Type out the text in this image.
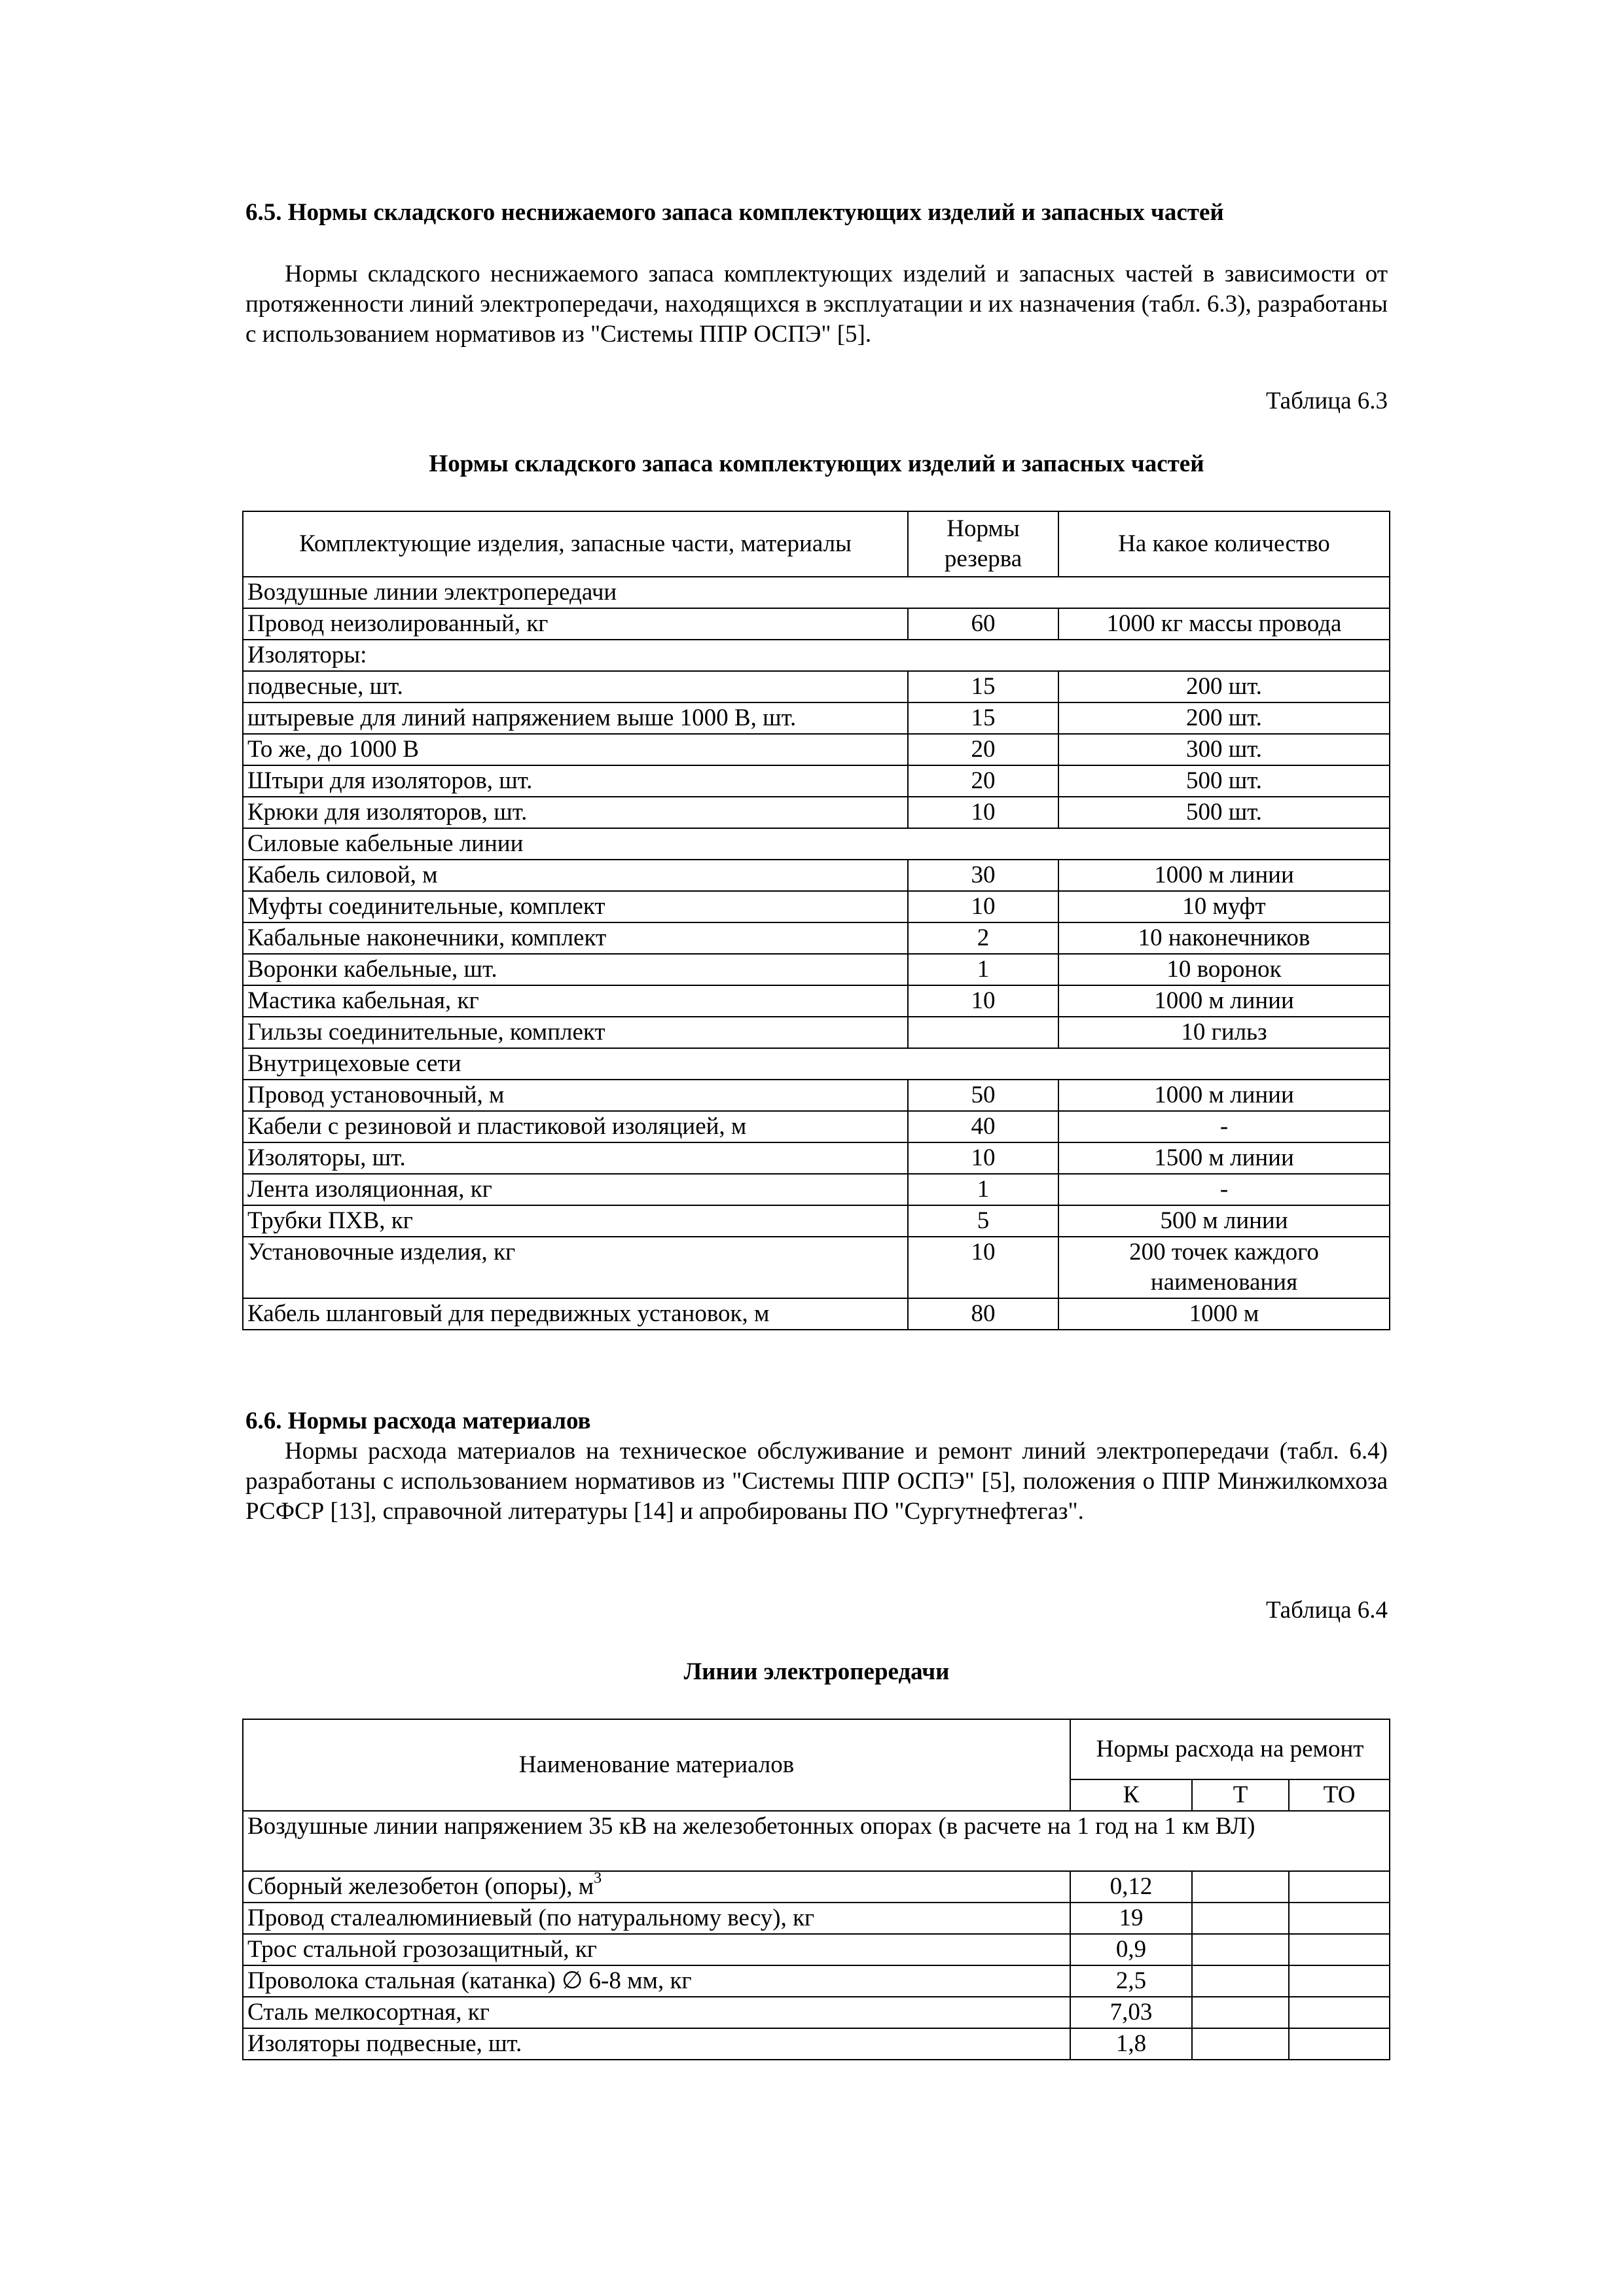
6.5. Нормы складского неснижаемого запаса комплектующих изделий и запасных частей
Нормы складского неснижаемого запаса комплектующих изделий и запасных частей в зависимости от протяженности линий электропередачи, находящихся в эксплуатации и их назначения (табл. 6.3), разработаны с использованием нормативов из "Системы ППР ОСПЭ" [5].
Таблица 6.3
Нормы складского запаса комплектующих изделий и запасных частей
Комплектующие изделия, запасные части, материалы	Нормы резерва	На какое количество
Воздушные линии электропередачи		
Провод неизолированный, кг	60	1000 кг массы провода
Изоляторы:		
подвесные, шт.	15	200 шт.
штыревые для линий напряжением выше 1000 В, шт.	15	200 шт.
То же, до 1000 В	20	300 шт.
Штыри для изоляторов, шт.	20	500 шт.
Крюки для изоляторов, шт.	10	500 шт.
Силовые кабельные линии		
Кабель силовой, м	30	1000 м линии
Муфты соединительные, комплект	10	10 муфт
Кабальные наконечники, комплект	2	10 наконечников
Воронки кабельные, шт.	1	10 воронок
Мастика кабельная, кг	10	1000 м линии
Гильзы соединительные, комплект		10 гильз
Внутрицеховые сети		
Провод установочный, м	50	1000 м линии
Кабели с резиновой и пластиковой изоляцией, м	40	-
Изоляторы, шт.	10	1500 м линии
Лента изоляционная, кг	1	-
Трубки ПХВ, кг	5	500 м линии
Установочные изделия, кг	10	200 точек каждого наименования
Кабель шланговый для передвижных установок, м	80	1000 м
6.6. Нормы расхода материалов
Нормы расхода материалов на техническое обслуживание и ремонт линий электропередачи (табл. 6.4) разработаны с использованием нормативов из "Системы ППР ОСПЭ" [5], положения о ППР Минжилкомхоза РСФСР [13], справочной литературы [14] и апробированы ПО "Сургутнефтегаз".
Таблица 6.4
Линии электропередачи
Наименование материалов	Нормы расхода на ремонт		
	К	Т	ТО
Воздушные линии напряжением 35 кВ на железобетонных опорах (в расчете на 1 год на 1 км ВЛ)			
Сборный железобетон (опоры), $м^3$	0,12		
Провод сталеалюминиевый (по натуральному весу), кг	19		
Трос стальной грозозащитный, кг	0,9		
Проволока стальная (катанка) ∅ 6-8 мм, кг	2,5		
Сталь мелкосортная, кг	7,03		
Изоляторы подвесные, шт.	1,8		
